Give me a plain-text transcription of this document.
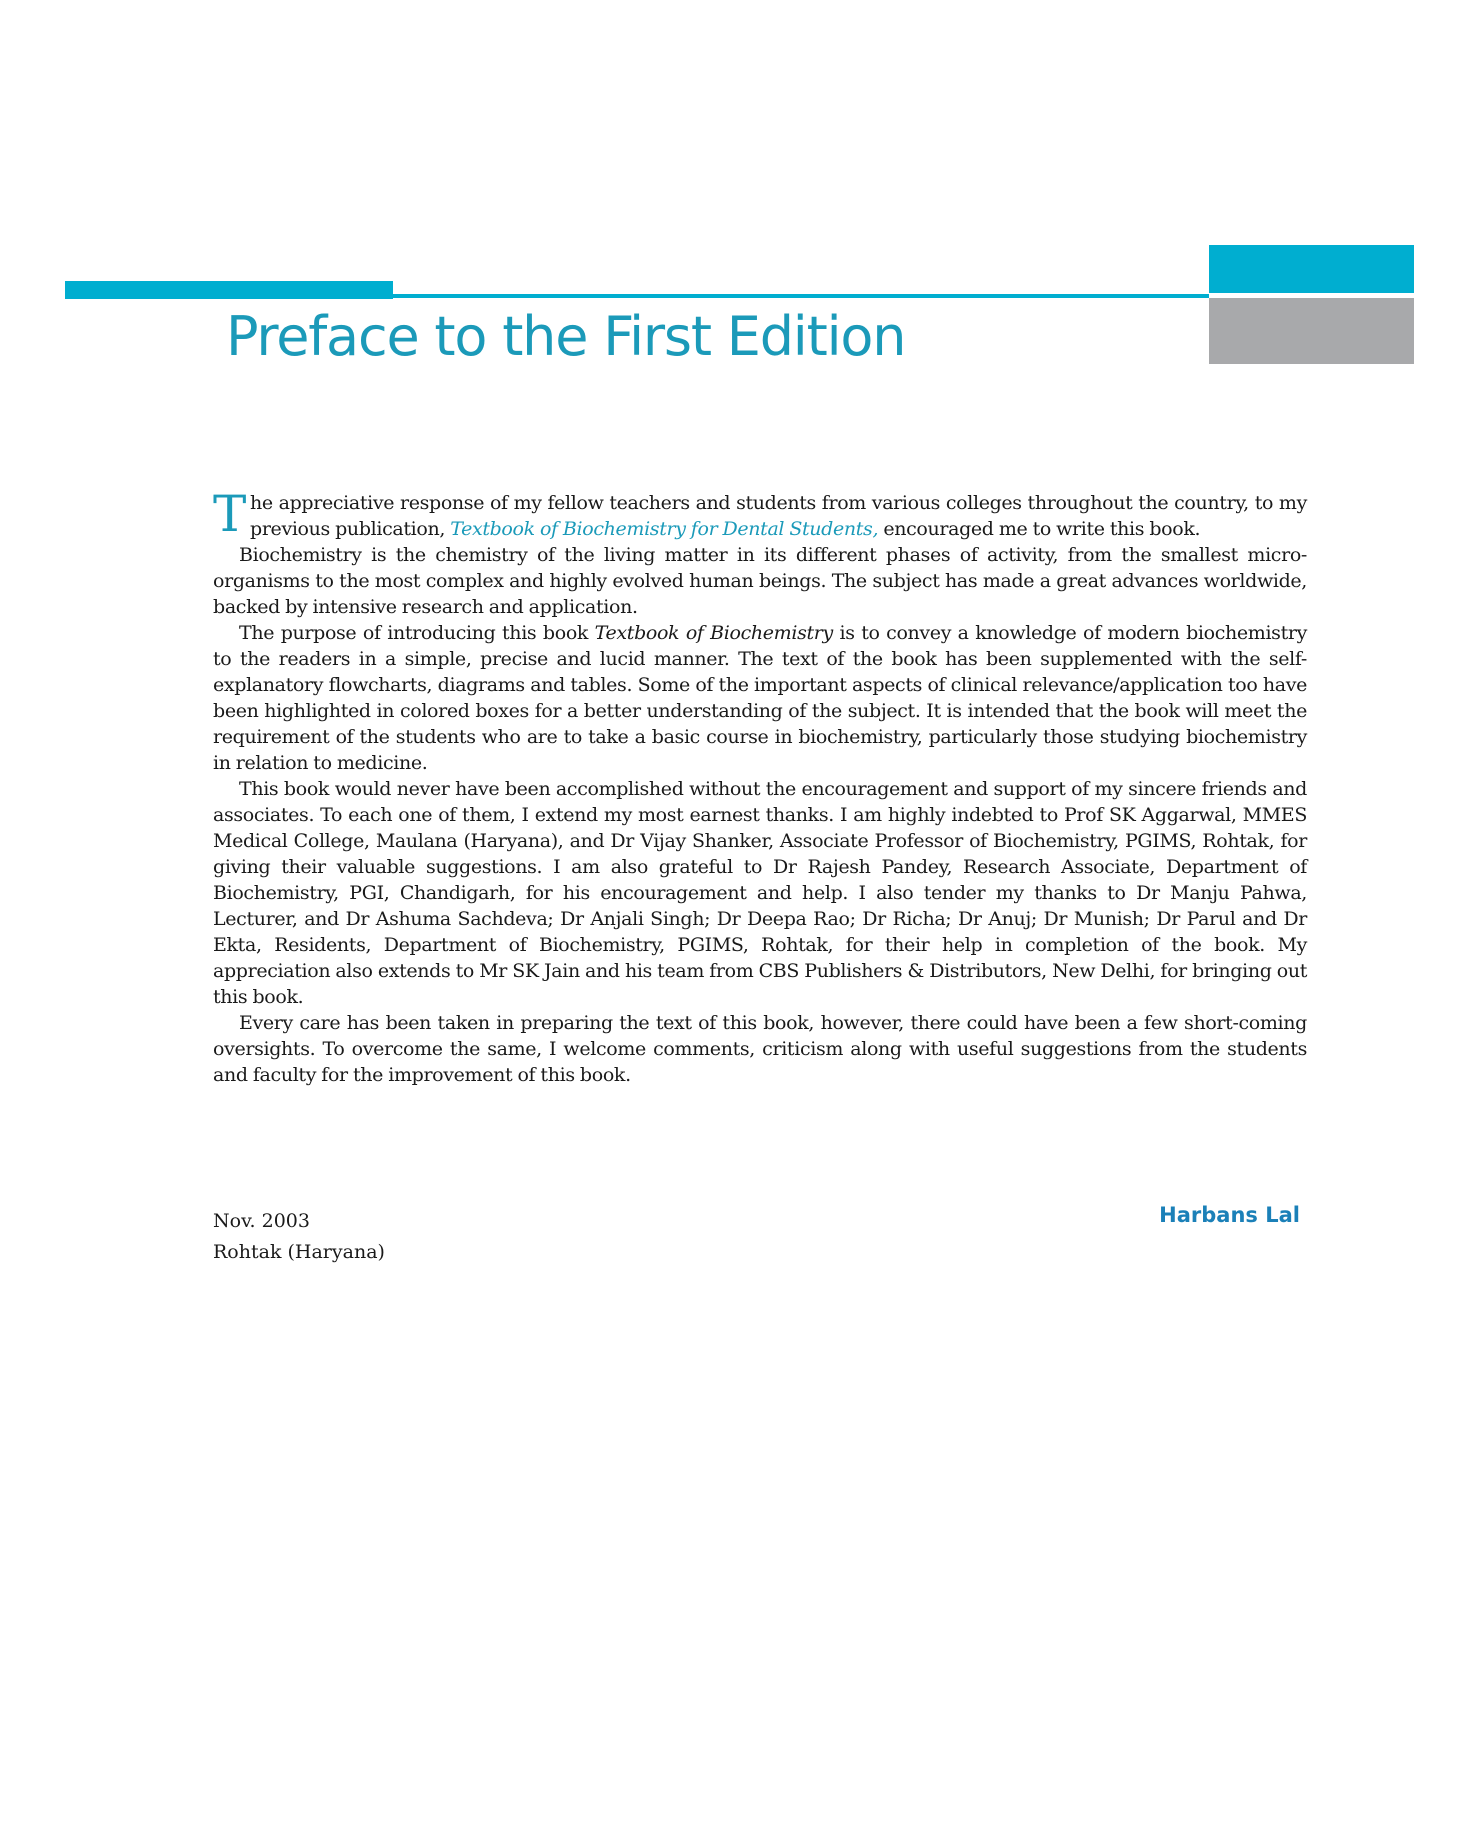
Preface to the First Edition

The appreciative response of my fellow teachers and students from various colleges throughout the country, to my previous publication, Textbook of Biochemistry for Dental Students, encouraged me to write this book.

Biochemistry is the chemistry of the living matter in its different phases of activity, from the smallest micro-organisms to the most complex and highly evolved human beings. The subject has made a great advances worldwide, backed by intensive research and application.

The purpose of introducing this book Textbook of Biochemistry is to convey a knowledge of modern biochemistry to the readers in a simple, precise and lucid manner. The text of the book has been supplemented with the self-explanatory flowcharts, diagrams and tables. Some of the important aspects of clinical relevance/application too have been highlighted in colored boxes for a better understanding of the subject. It is intended that the book will meet the requirement of the students who are to take a basic course in biochemistry, particularly those studying biochemistry in relation to medicine.

This book would never have been accomplished without the encouragement and support of my sincere friends and associates. To each one of them, I extend my most earnest thanks. I am highly indebted to Prof SK Aggarwal, MMES Medical College, Maulana (Haryana), and Dr Vijay Shanker, Associate Professor of Biochemistry, PGIMS, Rohtak, for giving their valuable suggestions. I am also grateful to Dr Rajesh Pandey, Research Associate, Department of Biochemistry, PGI, Chandigarh, for his encouragement and help. I also tender my thanks to Dr Manju Pahwa, Lecturer, and Dr Ashuma Sachdeva; Dr Anjali Singh; Dr Deepa Rao; Dr Richa; Dr Anuj; Dr Munish; Dr Parul and Dr Ekta, Residents, Department of Biochemistry, PGIMS, Rohtak, for their help in completion of the book. My appreciation also extends to Mr SK Jain and his team from CBS Publishers & Distributors, New Delhi, for bringing out this book.

Every care has been taken in preparing the text of this book, however, there could have been a few short-coming oversights. To overcome the same, I welcome comments, criticism along with useful suggestions from the students and faculty for the improvement of this book.

Nov. 2003
Rohtak (Haryana)
Harbans Lal
